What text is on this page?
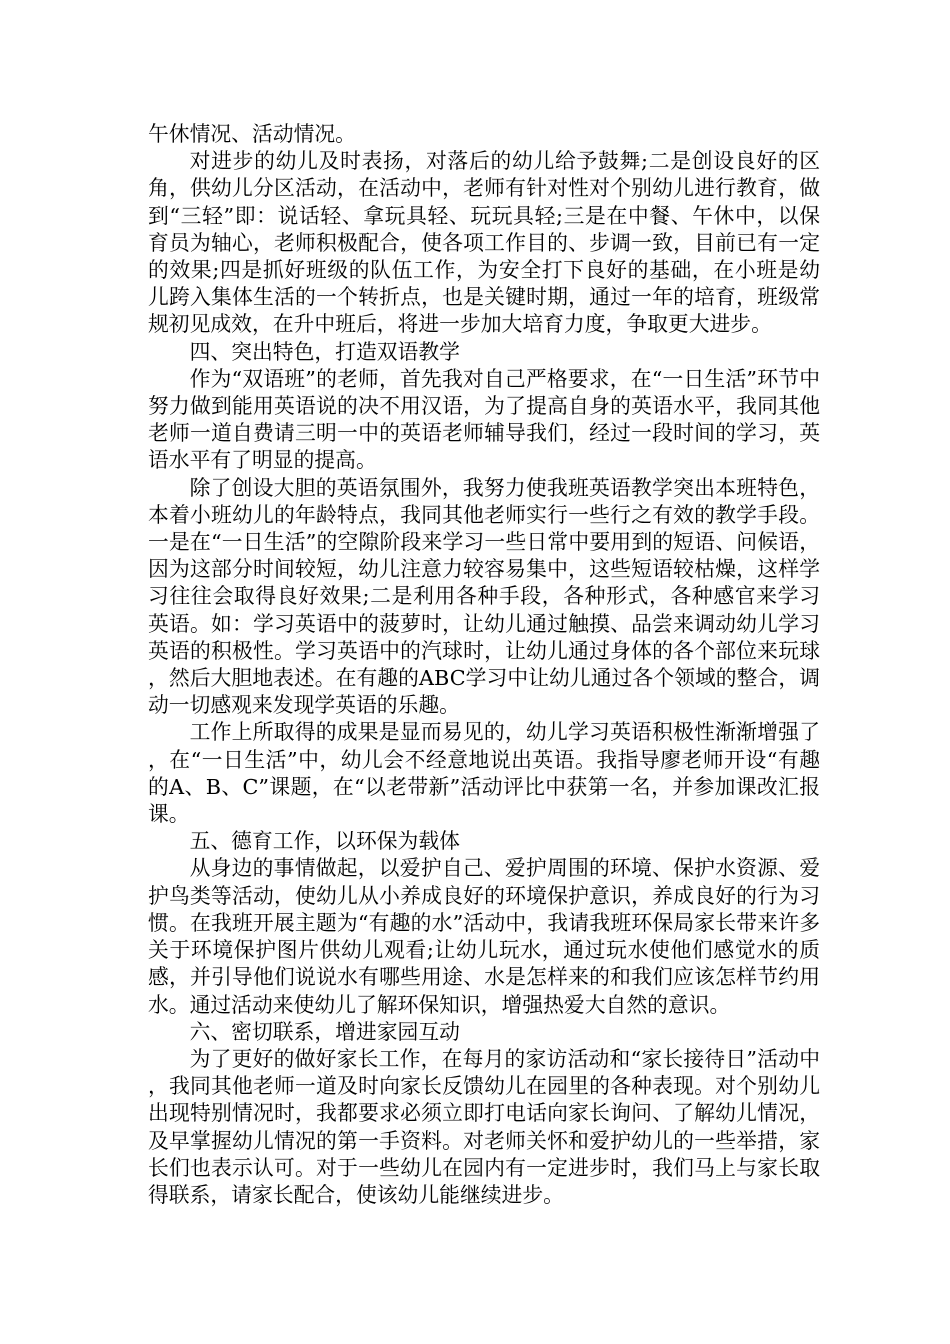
午休情况、活动情况。

对进步的幼儿及时表扬，对落后的幼儿给予鼓舞;二是创设良好的区角，供幼儿分区活动，在活动中，老师有针对性对个别幼儿进行教育，做到“三轻”即：说话轻、拿玩具轻、玩玩具轻;三是在中餐、午休中，以保育员为轴心，老师积极配合，使各项工作目的、步调一致，目前已有一定的效果;四是抓好班级的队伍工作，为安全打下良好的基础，在小班是幼儿跨入集体生活的一个转折点，也是关键时期，通过一年的培育，班级常规初见成效，在升中班后，将进一步加大培育力度，争取更大进步。

四、突出特色，打造双语教学

作为“双语班”的老师，首先我对自己严格要求，在“一日生活”环节中努力做到能用英语说的决不用汉语，为了提高自身的英语水平，我同其他老师一道自费请三明一中的英语老师辅导我们，经过一段时间的学习，英语水平有了明显的提高。

除了创设大胆的英语氛围外，我努力使我班英语教学突出本班特色，本着小班幼儿的年龄特点，我同其他老师实行一些行之有效的教学手段。一是在“一日生活”的空隙阶段来学习一些日常中要用到的短语、问候语，因为这部分时间较短，幼儿注意力较容易集中，这些短语较枯燥，这样学习往往会取得良好效果;二是利用各种手段，各种形式，各种感官来学习英语。如：学习英语中的菠萝时，让幼儿通过触摸、品尝来调动幼儿学习英语的积极性。学习英语中的汽球时，让幼儿通过身体的各个部位来玩球，然后大胆地表述。在有趣的ABC学习中让幼儿通过各个领域的整合，调动一切感观来发现学英语的乐趣。

工作上所取得的成果是显而易见的，幼儿学习英语积极性渐渐增强了，在“一日生活”中，幼儿会不经意地说出英语。我指导廖老师开设“有趣的A、B、C”课题，在“以老带新”活动评比中获第一名，并参加课改汇报课。

五、德育工作，以环保为载体

从身边的事情做起，以爱护自己、爱护周围的环境、保护水资源、爱护鸟类等活动，使幼儿从小养成良好的环境保护意识，养成良好的行为习惯。在我班开展主题为“有趣的水”活动中，我请我班环保局家长带来许多关于环境保护图片供幼儿观看;让幼儿玩水，通过玩水使他们感觉水的质感，并引导他们说说水有哪些用途、水是怎样来的和我们应该怎样节约用水。通过活动来使幼儿了解环保知识，增强热爱大自然的意识。

六、密切联系，增进家园互动

为了更好的做好家长工作，在每月的家访活动和“家长接待日”活动中，我同其他老师一道及时向家长反馈幼儿在园里的各种表现。对个别幼儿出现特别情况时，我都要求必须立即打电话向家长询问、了解幼儿情况，及早掌握幼儿情况的第一手资料。对老师关怀和爱护幼儿的一些举措，家长们也表示认可。对于一些幼儿在园内有一定进步时，我们马上与家长取得联系，请家长配合，使该幼儿能继续进步。
